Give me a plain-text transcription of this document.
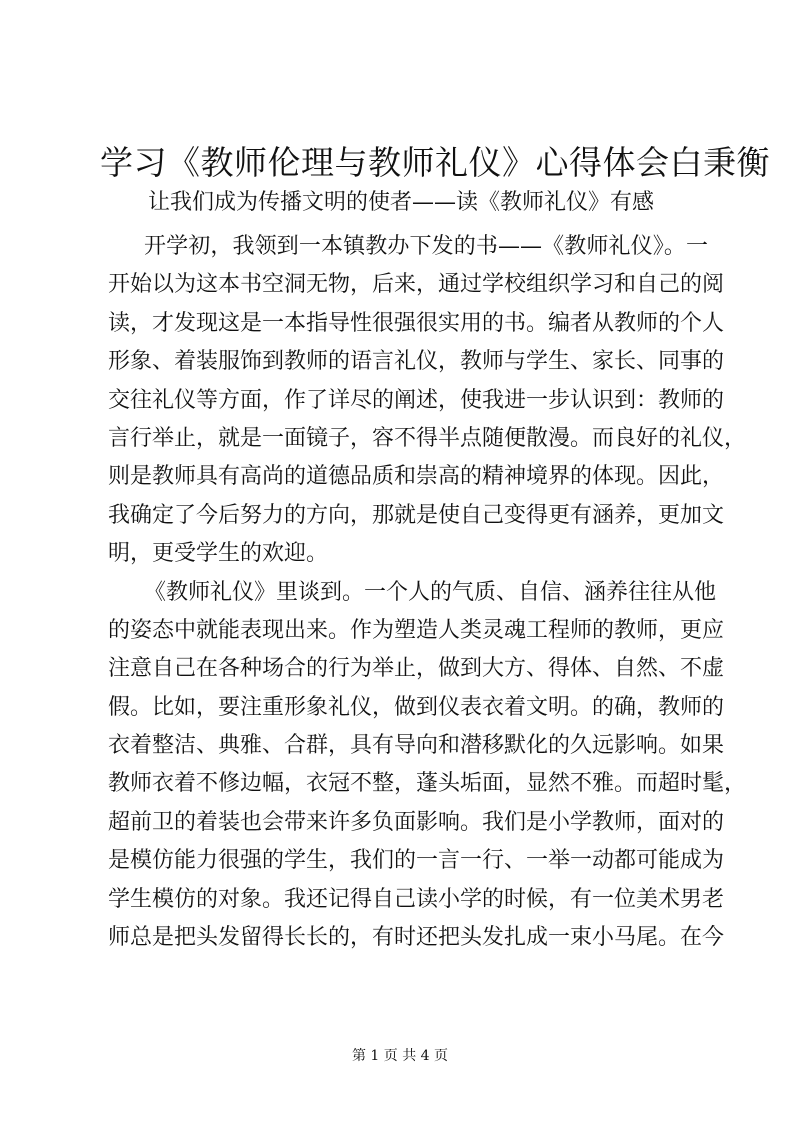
学习《教师伦理与教师礼仪》心得体会白秉衡
让我们成为传播文明的使者——读《教师礼仪》有感
开学初，我领到一本镇教办下发的书——《教师礼仪》。一
开始以为这本书空洞无物，后来，通过学校组织学习和自己的阅
读，才发现这是一本指导性很强很实用的书。编者从教师的个人
形象、着装服饰到教师的语言礼仪，教师与学生、家长、同事的
交往礼仪等方面，作了详尽的阐述，使我进一步认识到：教师的
言行举止，就是一面镜子，容不得半点随便散漫。而良好的礼仪，
则是教师具有高尚的道德品质和崇高的精神境界的体现。因此，
我确定了今后努力的方向，那就是使自己变得更有涵养，更加文
明，更受学生的欢迎。
《教师礼仪》里谈到。一个人的气质、自信、涵养往往从他
的姿态中就能表现出来。作为塑造人类灵魂工程师的教师，更应
注意自己在各种场合的行为举止，做到大方、得体、自然、不虚
假。比如，要注重形象礼仪，做到仪表衣着文明。的确，教师的
衣着整洁、典雅、合群，具有导向和潜移默化的久远影响。如果
教师衣着不修边幅，衣冠不整，蓬头垢面，显然不雅。而超时髦，
超前卫的着装也会带来许多负面影响。我们是小学教师，面对的
是模仿能力很强的学生，我们的一言一行、一举一动都可能成为
学生模仿的对象。我还记得自己读小学的时候，有一位美术男老
师总是把头发留得长长的，有时还把头发扎成一束小马尾。在今
第 1 页 共 4 页
